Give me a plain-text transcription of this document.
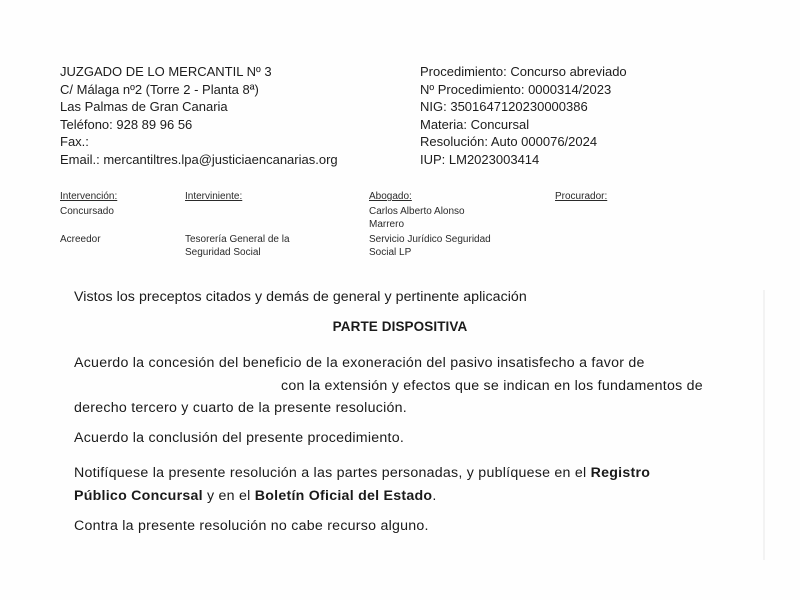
JUZGADO DE LO MERCANTIL Nº 3
C/ Málaga nº2 (Torre 2 - Planta 8ª)
Las Palmas de Gran Canaria
Teléfono: 928 89 96 56
Fax.:
Email.: mercantiltres.lpa@justiciaencanarias.org
Procedimiento: Concurso abreviado
Nº Procedimiento: 0000314/2023
NIG: 3501647120230000386
Materia: Concursal
Resolución: Auto 000076/2024
IUP: LM2023003414
Intervención:
Concursado
Acreedor
Interviniente:
Tesorería General de la
Seguridad Social
Abogado:
Carlos Alberto Alonso
Marrero
Servicio Jurídico Seguridad
Social LP
Procurador:
Vistos los preceptos citados y demás de general y pertinente aplicación
PARTE DISPOSITIVA
Acuerdo la concesión del beneficio de la exoneración del pasivo insatisfecho a favor de
con la extensión y efectos que se indican en los fundamentos de
derecho tercero y cuarto de la presente resolución.
Acuerdo la conclusión del presente procedimiento.
Notifíquese la presente resolución a las partes personadas, y publíquese en el Registro
Público Concursal y en el Boletín Oficial del Estado.
Contra la presente resolución no cabe recurso alguno.
